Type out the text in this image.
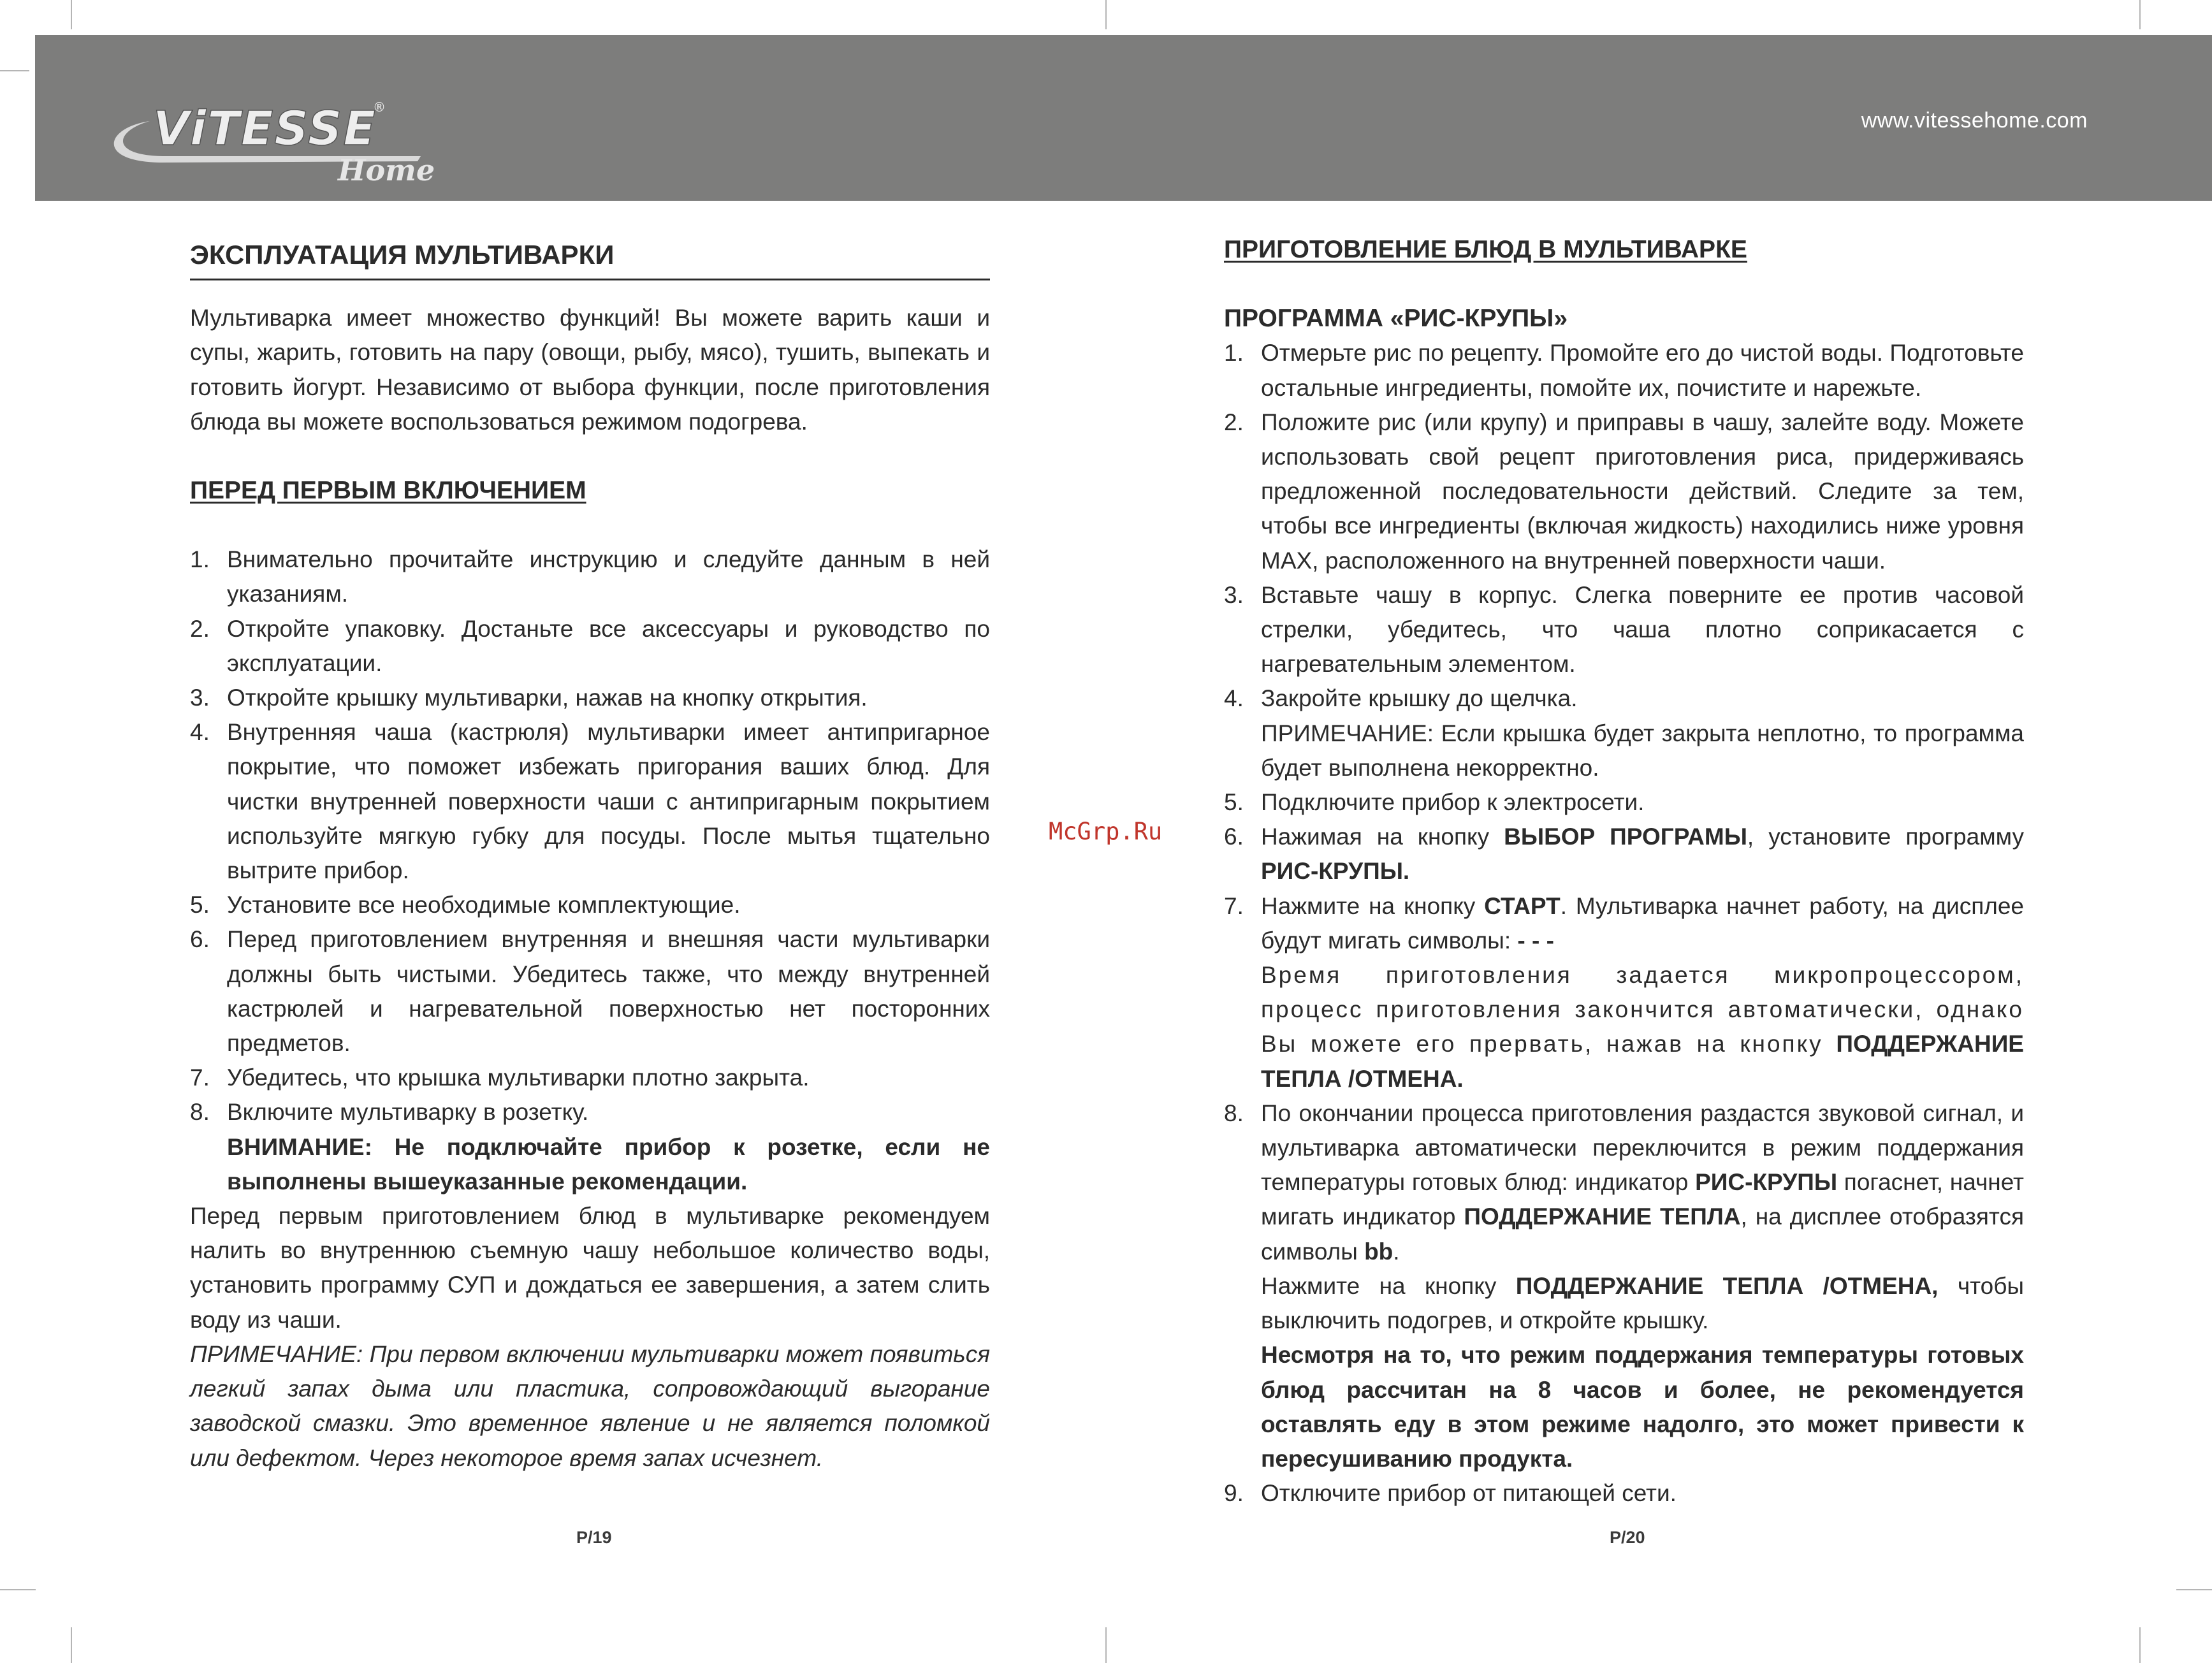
ViTESSE
®
Home
www.vitessehome.com
ЭКСПЛУАТАЦИЯ МУЛЬТИВАРКИ

Мультиварка имеет множество функций! Вы можете варить каши и супы, жарить, готовить на пару (овощи, рыбу, мясо), тушить, выпекать и готовить йогурт. Независимо от выбора функции, после приготовления блюда вы можете воспользоваться режимом подогрева.

ПЕРЕД ПЕРВЫМ ВКЛЮЧЕНИЕМ
1. Внимательно прочитайте инструкцию и следуйте данным в ней указаниям.
2. Откройте упаковку. Достаньте все аксессуары и руководство по эксплуатации.
3. Откройте крышку мультиварки, нажав на кнопку открытия.
4. Внутренняя чаша (кастрюля) мультиварки имеет антипригарное покрытие, что поможет избежать пригорания ваших блюд. Для чистки внутренней поверхности чаши с антипригарным покрытием используйте мягкую губку для посуды. После мытья тщательно вытрите прибор.
5. Установите все необходимые комплектующие.
6. Перед приготовлением внутренняя и внешняя части мультиварки должны быть чистыми. Убедитесь также, что между внутренней кастрюлей и нагревательной поверхностью нет посторонних предметов.
7. Убедитесь, что крышка мультиварки плотно закрыта.
8. Включите мультиварку в розетку.
ВНИМАНИЕ: Не подключайте прибор к розетке, если не выполнены вышеуказанные рекомендации.

Перед первым приготовлением блюд в мультиварке рекомендуем налить во внутреннюю съемную чашу небольшое количество воды, установить программу СУП и дождаться ее завершения, а затем слить воду из чаши.

ПРИМЕЧАНИЕ: При первом включении мультиварки может появиться легкий запах дыма или пластика, сопровождающий выгорание заводской смазки. Это временное явление и не является поломкой или дефектом. Через некоторое время запах исчезнет.

ПРИГОТОВЛЕНИЕ БЛЮД В МУЛЬТИВАРКЕ
ПРОГРАММА «РИС-КРУПЫ»
1. Отмерьте рис по рецепту. Промойте его до чистой воды. Подготовьте остальные ингредиенты, помойте их, почистите и нарежьте.
2. Положите рис (или крупу) и приправы в чашу, залейте воду. Можете использовать свой рецепт приготовления риса, придерживаясь предложенной последовательности действий. Следите за тем, чтобы все ингредиенты (включая жидкость) находились ниже уровня MAX, расположенного на внутренней поверхности чаши.
3. Вставьте чашу в корпус. Слегка поверните ее против часовой стрелки, убедитесь, что чаша плотно соприкасается с нагревательным элементом.
4. Закройте крышку до щелчка.
ПРИМЕЧАНИЕ: Если крышка будет закрыта неплотно, то программа будет выполнена некорректно.
5. Подключите прибор к электросети.
6. Нажимая на кнопку ВЫБОР ПРОГРАМЫ, установите программу РИС-КРУПЫ.
7. Нажмите на кнопку СТАРТ. Мультиварка начнет работу, на дисплее будут мигать символы: - - -
Время приготовления задается микропроцессором, процесс приготовления закончится автоматически, однако Вы можете его прервать, нажав на кнопку ПОДДЕРЖАНИЕ ТЕПЛА /ОТМЕНА.
8. По окончании процесса приготовления раздастся звуковой сигнал, и мультиварка автоматически переключится в режим поддержания температуры готовых блюд: индикатор РИС-КРУПЫ погаснет, начнет мигать индикатор ПОДДЕРЖАНИЕ ТЕПЛА, на дисплее отобразятся символы bb.
Нажмите на кнопку ПОДДЕРЖАНИЕ ТЕПЛА /ОТМЕНА, чтобы выключить подогрев, и откройте крышку.
Несмотря на то, что режим поддержания температуры готовых блюд рассчитан на 8 часов и более, не рекомендуется оставлять еду в этом режиме надолго, это может привести к пересушиванию продукта.
9. Отключите прибор от питающей сети.
McGrp.Ru
P/19	P/20
